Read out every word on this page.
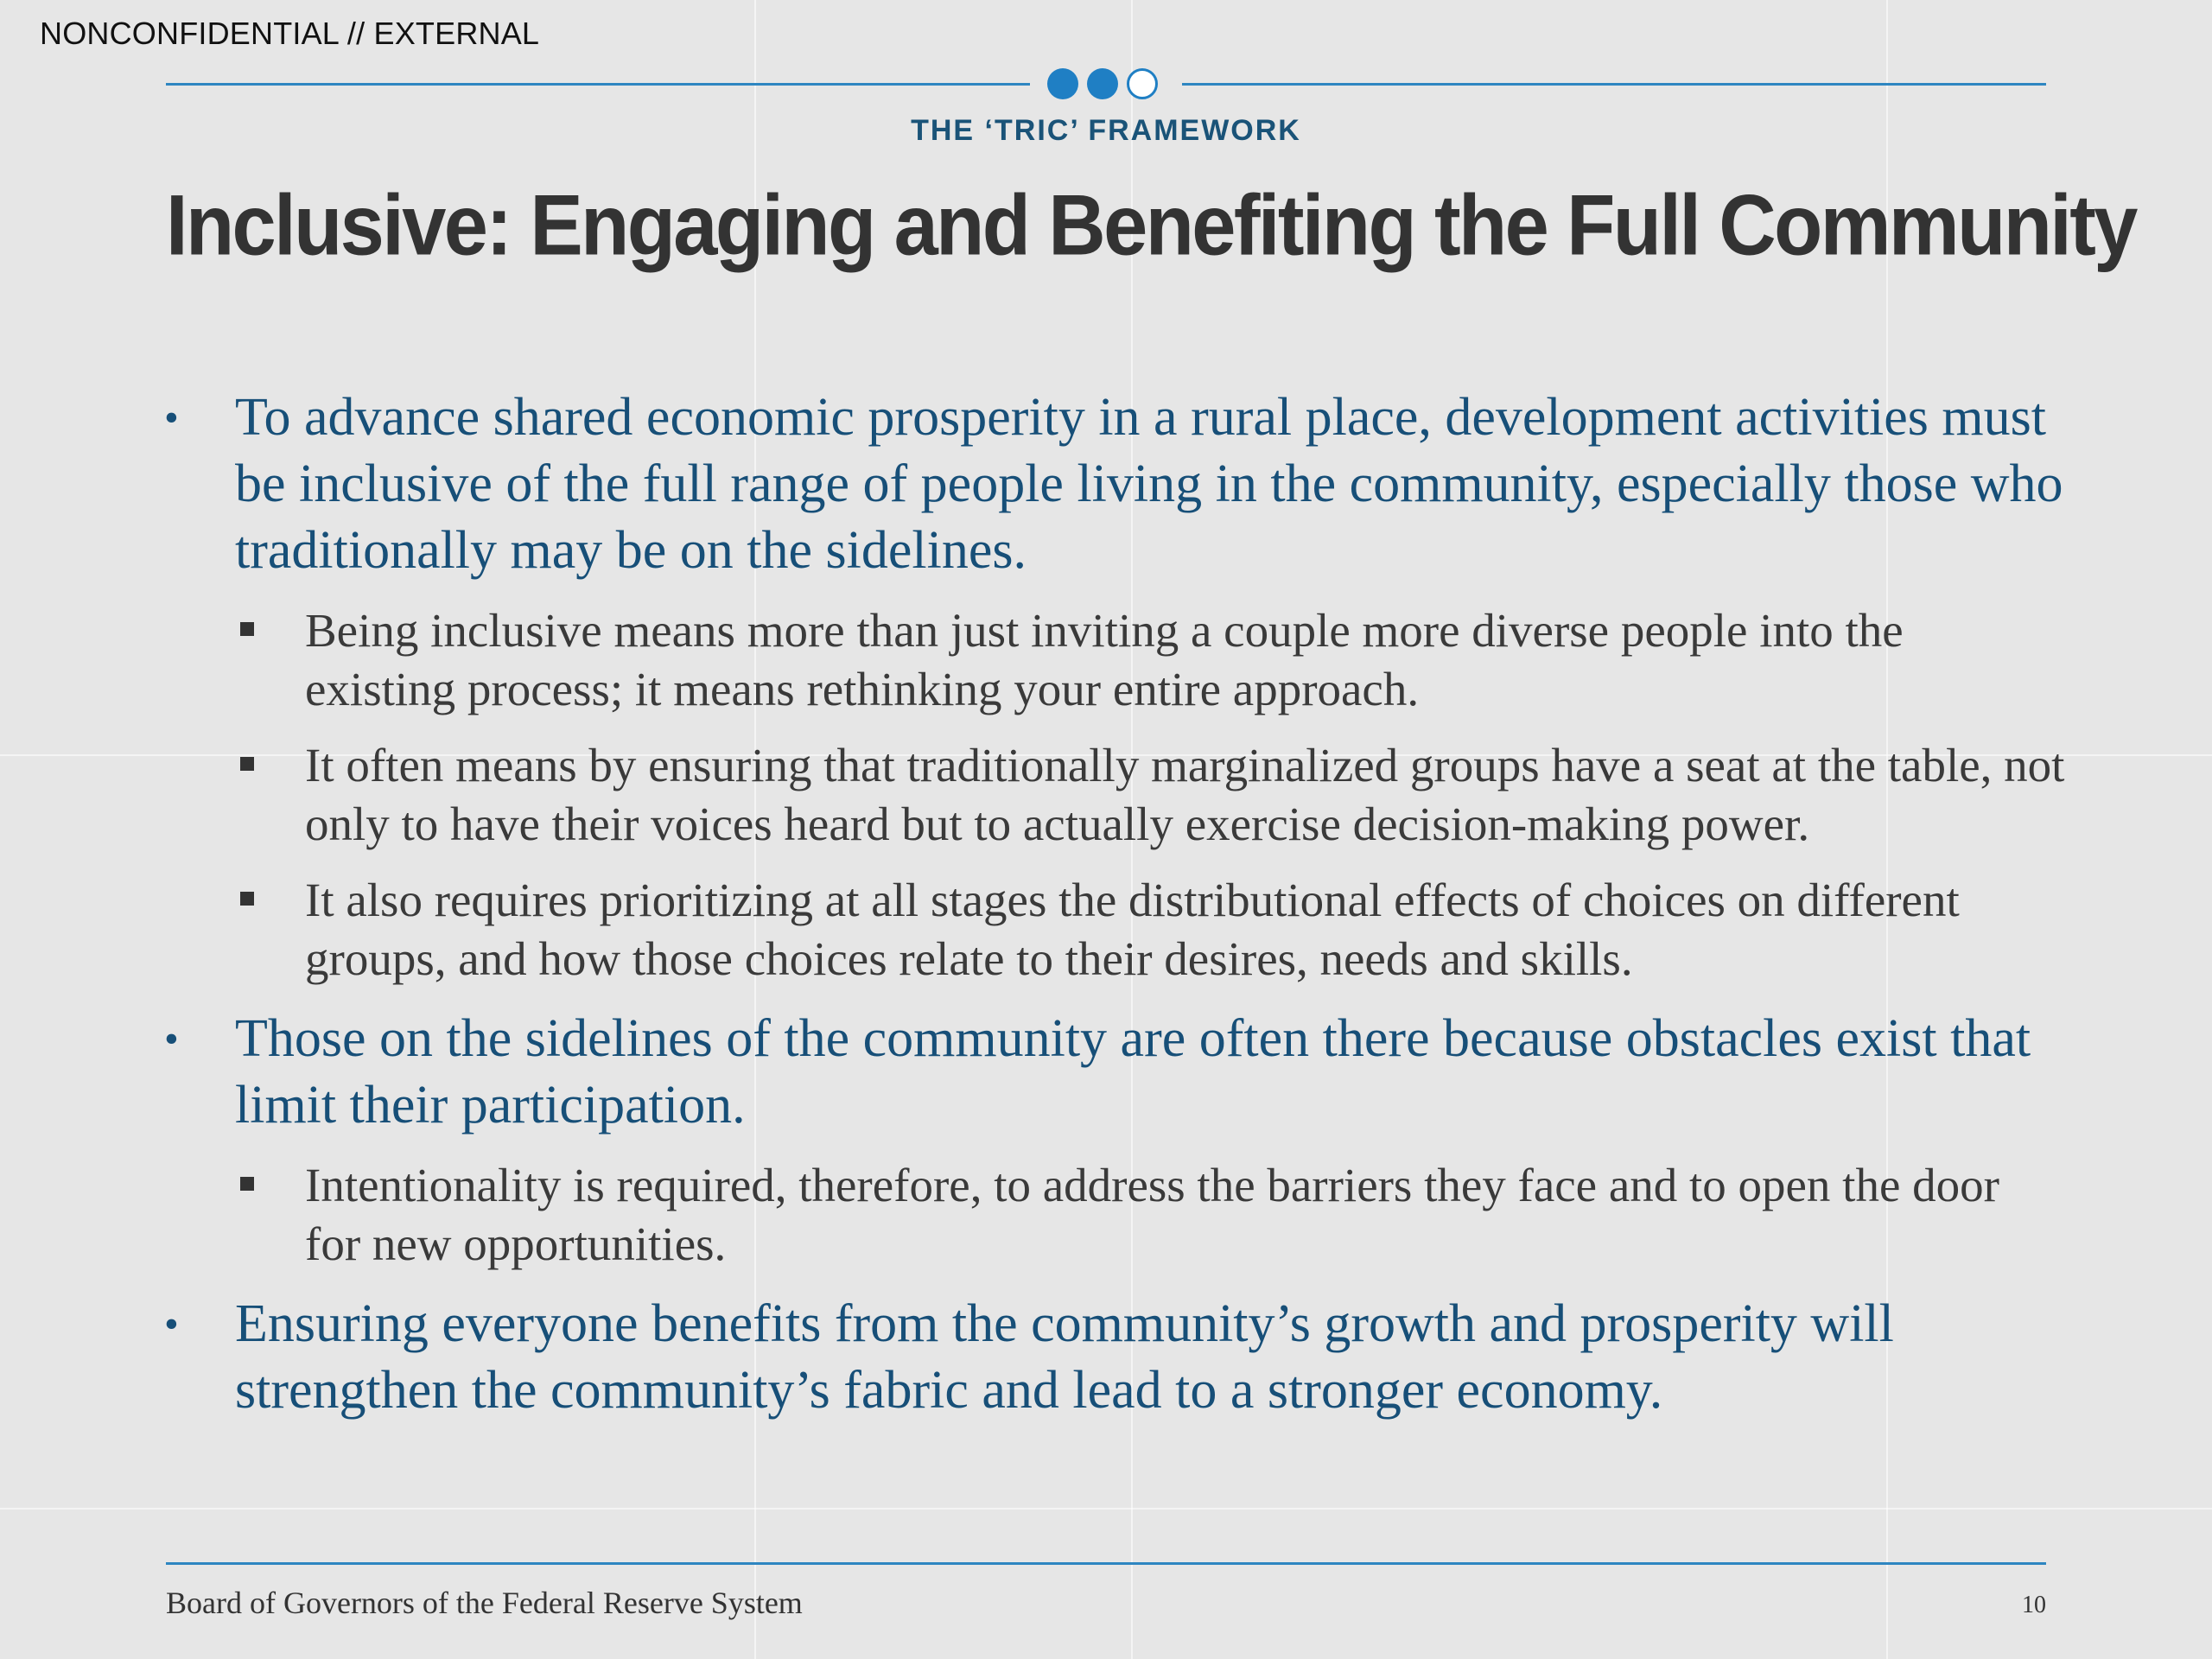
NONCONFIDENTIAL // EXTERNAL
THE ‘TRIC’ FRAMEWORK
Inclusive: Engaging and Benefiting the Full Community
• To advance shared economic prosperity in a rural place, development activities must be inclusive of the full range of people living in the community, especially those who traditionally may be on the sidelines.
Being inclusive means more than just inviting a couple more diverse people into the existing process; it means rethinking your entire approach.
It often means by ensuring that traditionally marginalized groups have a seat at the table, not only to have their voices heard but to actually exercise decision-making power.
It also requires prioritizing at all stages the distributional effects of choices on different groups, and how those choices relate to their desires, needs and skills.
• Those on the sidelines of the community are often there because obstacles exist that limit their participation.
Intentionality is required, therefore, to address the barriers they face and to open the door for new opportunities.
• Ensuring everyone benefits from the community’s growth and prosperity will strengthen the community’s fabric and lead to a stronger economy.
Board of Governors of the Federal Reserve System	10
